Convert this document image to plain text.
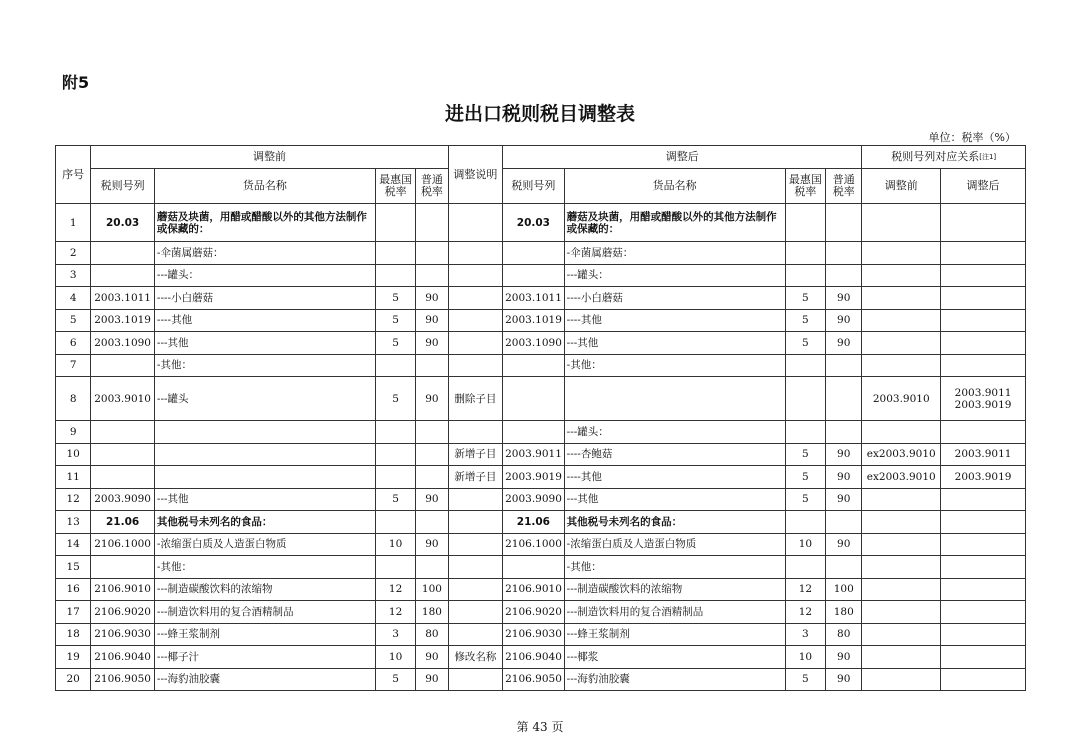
附5
进出口税则税目调整表
单位：税率（%）
序号	调整前				调整说明	调整后				税则号列对应关系[注1]
	税则号列	货品名称	最惠国税率	普通税率		税则号列	货品名称	最惠国税率	普通税率	调整前	调整后
1	20.03	蘑菇及块菌，用醋或醋酸以外的其他方法制作或保藏的：				20.03	蘑菇及块菌，用醋或醋酸以外的其他方法制作或保藏的：				
2		-伞菌属蘑菇：					-伞菌属蘑菇：				
3		---罐头：					---罐头：				
4	2003.1011	----小白蘑菇	5	90		2003.1011	----小白蘑菇	5	90		
5	2003.1019	----其他	5	90		2003.1019	----其他	5	90		
6	2003.1090	---其他	5	90		2003.1090	---其他	5	90		
7		-其他：					-其他：				
8	2003.9010	---罐头	5	90	删除子目					2003.9010	2003.9011
2003.9019

9							---罐头：				
10					新增子目	2003.9011	----杏鲍菇	5	90	ex2003.9010	2003.9011
11					新增子目	2003.9019	----其他	5	90	ex2003.9010	2003.9019
12	2003.9090	---其他	5	90		2003.9090	---其他	5	90		
13	21.06	其他税号未列名的食品：				21.06	其他税号未列名的食品：				
14	2106.1000	-浓缩蛋白质及人造蛋白物质	10	90		2106.1000	-浓缩蛋白质及人造蛋白物质	10	90		
15		-其他：					-其他：				
16	2106.9010	---制造碳酸饮料的浓缩物	12	100		2106.9010	---制造碳酸饮料的浓缩物	12	100		
17	2106.9020	---制造饮料用的复合酒精制品	12	180		2106.9020	---制造饮料用的复合酒精制品	12	180		
18	2106.9030	---蜂王浆制剂	3	80		2106.9030	---蜂王浆制剂	3	80		
19	2106.9040	---椰子汁	10	90	修改名称	2106.9040	---椰浆	10	90		
20	2106.9050	---海豹油胶囊	5	90		2106.9050	---海豹油胶囊	5	90		
第 43 页
